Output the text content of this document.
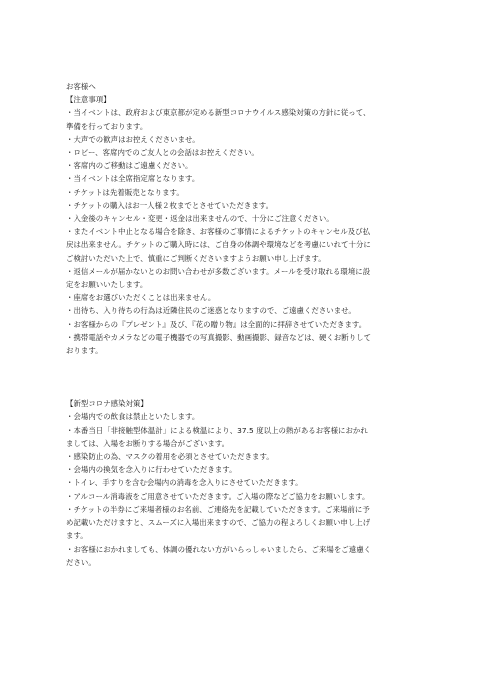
お客様へ
【注意事項】
・当イベントは、政府および東京都が定める新型コロナウイルス感染対策の方針に従って、
準備を行っております。
・大声での歓声はお控えくださいませ。
・ロビー、客席内でのご友人との会話はお控えください。
・客席内のご移動はご遠慮ください。
・当イベントは全席指定席となります。
・チケットは先着販売となります。
・チケットの購入はお一人様２枚までとさせていただきます。
・入金後のキャンセル・変更・返金は出来ませんので、十分にご注意ください。
・またイベント中止となる場合を除き、お客様のご事情によるチケットのキャンセル及び払
戻は出来ません。チケットのご購入時には、ご自身の体調や環境などを考慮にいれて十分に
ご検討いただいた上で、慎重にご判断くださいますようお願い申し上げます。
・返信メールが届かないとのお問い合わせが多数ございます。メールを受け取れる環境に設
定をお願いいたします。
・座席をお選びいただくことは出来ません。
・出待ち、入り待ちの行為は近隣住民のご迷惑となりますので、ご遠慮くださいませ。
・お客様からの『プレゼント』及び、『花の贈り物』は全面的に拝辞させていただきます。
・携帯電話やカメラなどの電子機器での写真撮影、動画撮影、録音などは、硬くお断りして
おります。
【新型コロナ感染対策】
・会場内での飲食は禁止といたします。
・本番当日「非接触型体温計」による検温により、37.5 度以上の熱があるお客様におかれ
ましては、入場をお断りする場合がございます。
・感染防止の為、マスクの着用を必須とさせていただきます。
・会場内の換気を念入りに行わせていただきます。
・トイレ、手すりを含む会場内の消毒を念入りにさせていただきます。
・アルコール消毒液をご用意させていただきます。ご入場の際などご協力をお願いします。
・チケットの半券にご来場者様のお名前、ご連絡先を記載していただきます。ご来場前に予
め記載いただけますと、スムーズに入場出来ますので、ご協力の程よろしくお願い申し上げ
ます。
・お客様におかれましても、体調の優れない方がいらっしゃいましたら、ご来場をご遠慮く
ださい。
